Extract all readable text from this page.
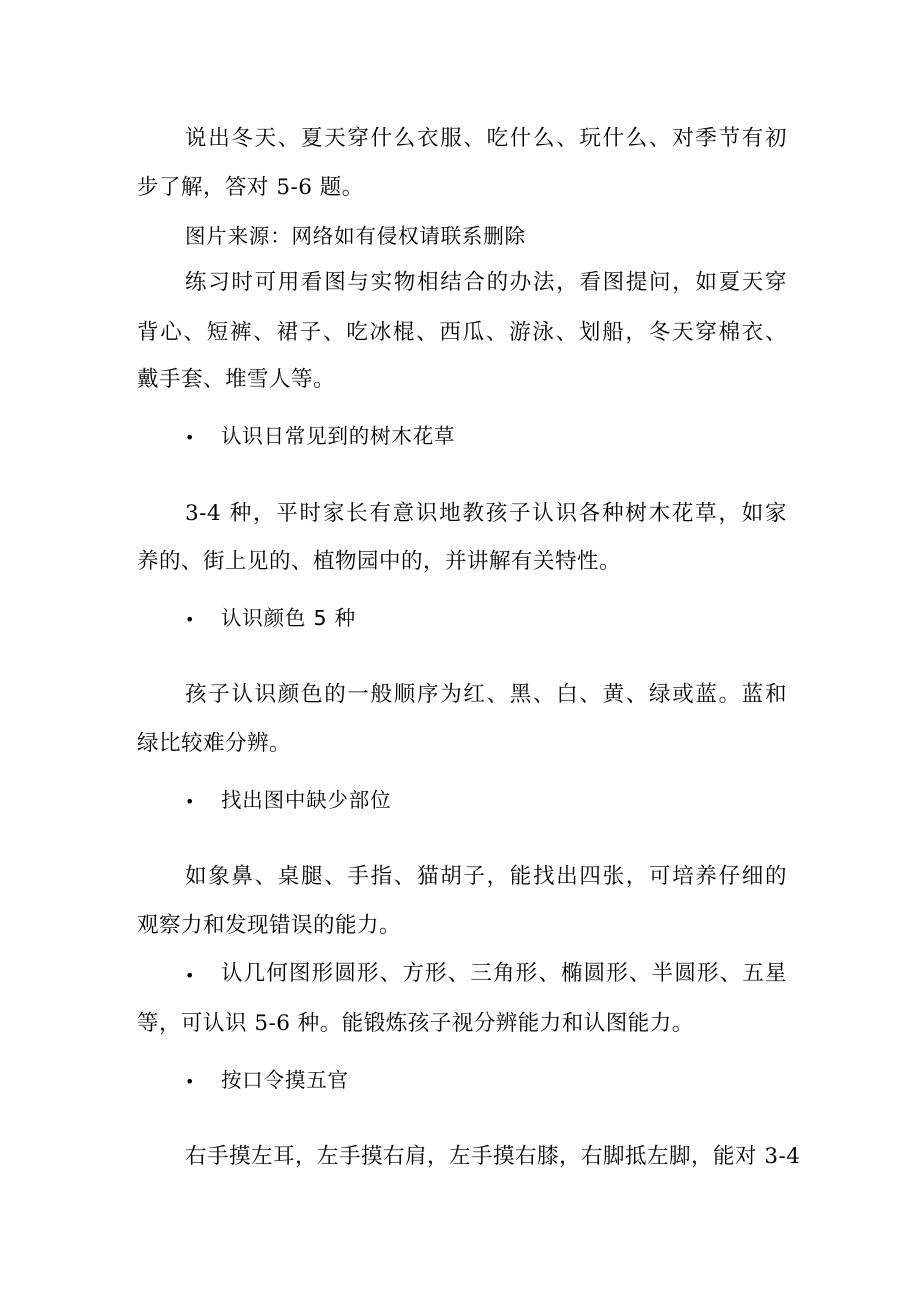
说出冬天、夏天穿什么衣服、吃什么、玩什么、对季节有初

步了解，答对 5-6 题。

图片来源：网络如有侵权请联系删除

练习时可用看图与实物相结合的办法，看图提问，如夏天穿

背心、短裤、裙子、吃冰棍、西瓜、游泳、划船，冬天穿棉衣、

戴手套、堆雪人等。

• 认识日常见到的树木花草

3-4 种，平时家长有意识地教孩子认识各种树木花草，如家

养的、街上见的、植物园中的，并讲解有关特性。

• 认识颜色 5 种

孩子认识颜色的一般顺序为红、黑、白、黄、绿或蓝。蓝和

绿比较难分辨。

• 找出图中缺少部位

如象鼻、桌腿、手指、猫胡子，能找出四张，可培养仔细的

观察力和发现错误的能力。

• 认几何图形圆形、方形、三角形、椭圆形、半圆形、五星

等，可认识 5-6 种。能锻炼孩子视分辨能力和认图能力。

• 按口令摸五官

右手摸左耳，左手摸右肩，左手摸右膝，右脚抵左脚，能对 3-4
